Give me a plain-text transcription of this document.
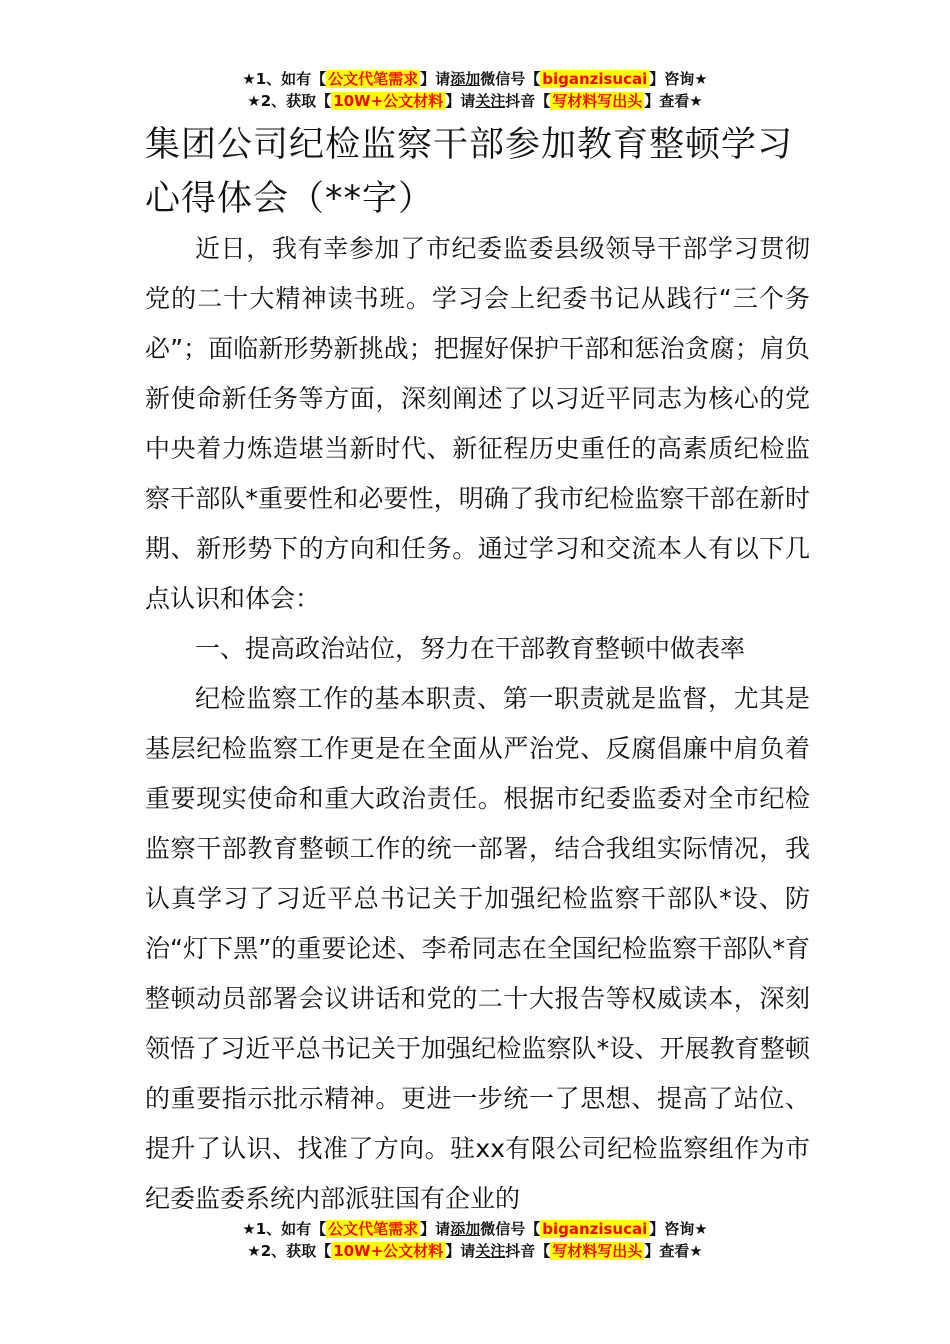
★1、如有【 公文代笔需求 】请添加微信号【 biganzisucai 】咨询★
★2、获取【 10W+公文材料 】请关注抖音【 写材料写出头 】查看★
集团公司纪检监察干部参加教育整顿学习心得体会（**字）

近日，我有幸参加了市纪委监委县级领导干部学习贯彻党的二十大精神读书班。学习会上纪委书记从践行“三个务必”；面临新形势新挑战；把握好保护干部和惩治贪腐；肩负新使命新任务等方面，深刻阐述了以习近平同志为核心的党中央着力炼造堪当新时代、新征程历史重任的高素质纪检监察干部队*重要性和必要性，明确了我市纪检监察干部在新时期、新形势下的方向和任务。通过学习和交流本人有以下几点认识和体会：

一、提高政治站位，努力在干部教育整顿中做表率

纪检监察工作的基本职责、第一职责就是监督，尤其是基层纪检监察工作更是在全面从严治党、反腐倡廉中肩负着重要现实使命和重大政治责任。根据市纪委监委对全市纪检监察干部教育整顿工作的统一部署，结合我组实际情况，我认真学习了习近平总书记关于加强纪检监察干部队*设、防治“灯下黑”的重要论述、李希同志在全国纪检监察干部队*育整顿动员部署会议讲话和党的二十大报告等权威读本，深刻领悟了习近平总书记关于加强纪检监察队*设、开展教育整顿的重要指示批示精神。更进一步统一了思想、提高了站位、提升了认识、找准了方向。驻xx有限公司纪检监察组作为市纪委监委系统内部派驻国有企业的

★1、如有【 公文代笔需求 】请添加微信号【 biganzisucai 】咨询★
★2、获取【 10W+公文材料 】请关注抖音【 写材料写出头 】查看★
